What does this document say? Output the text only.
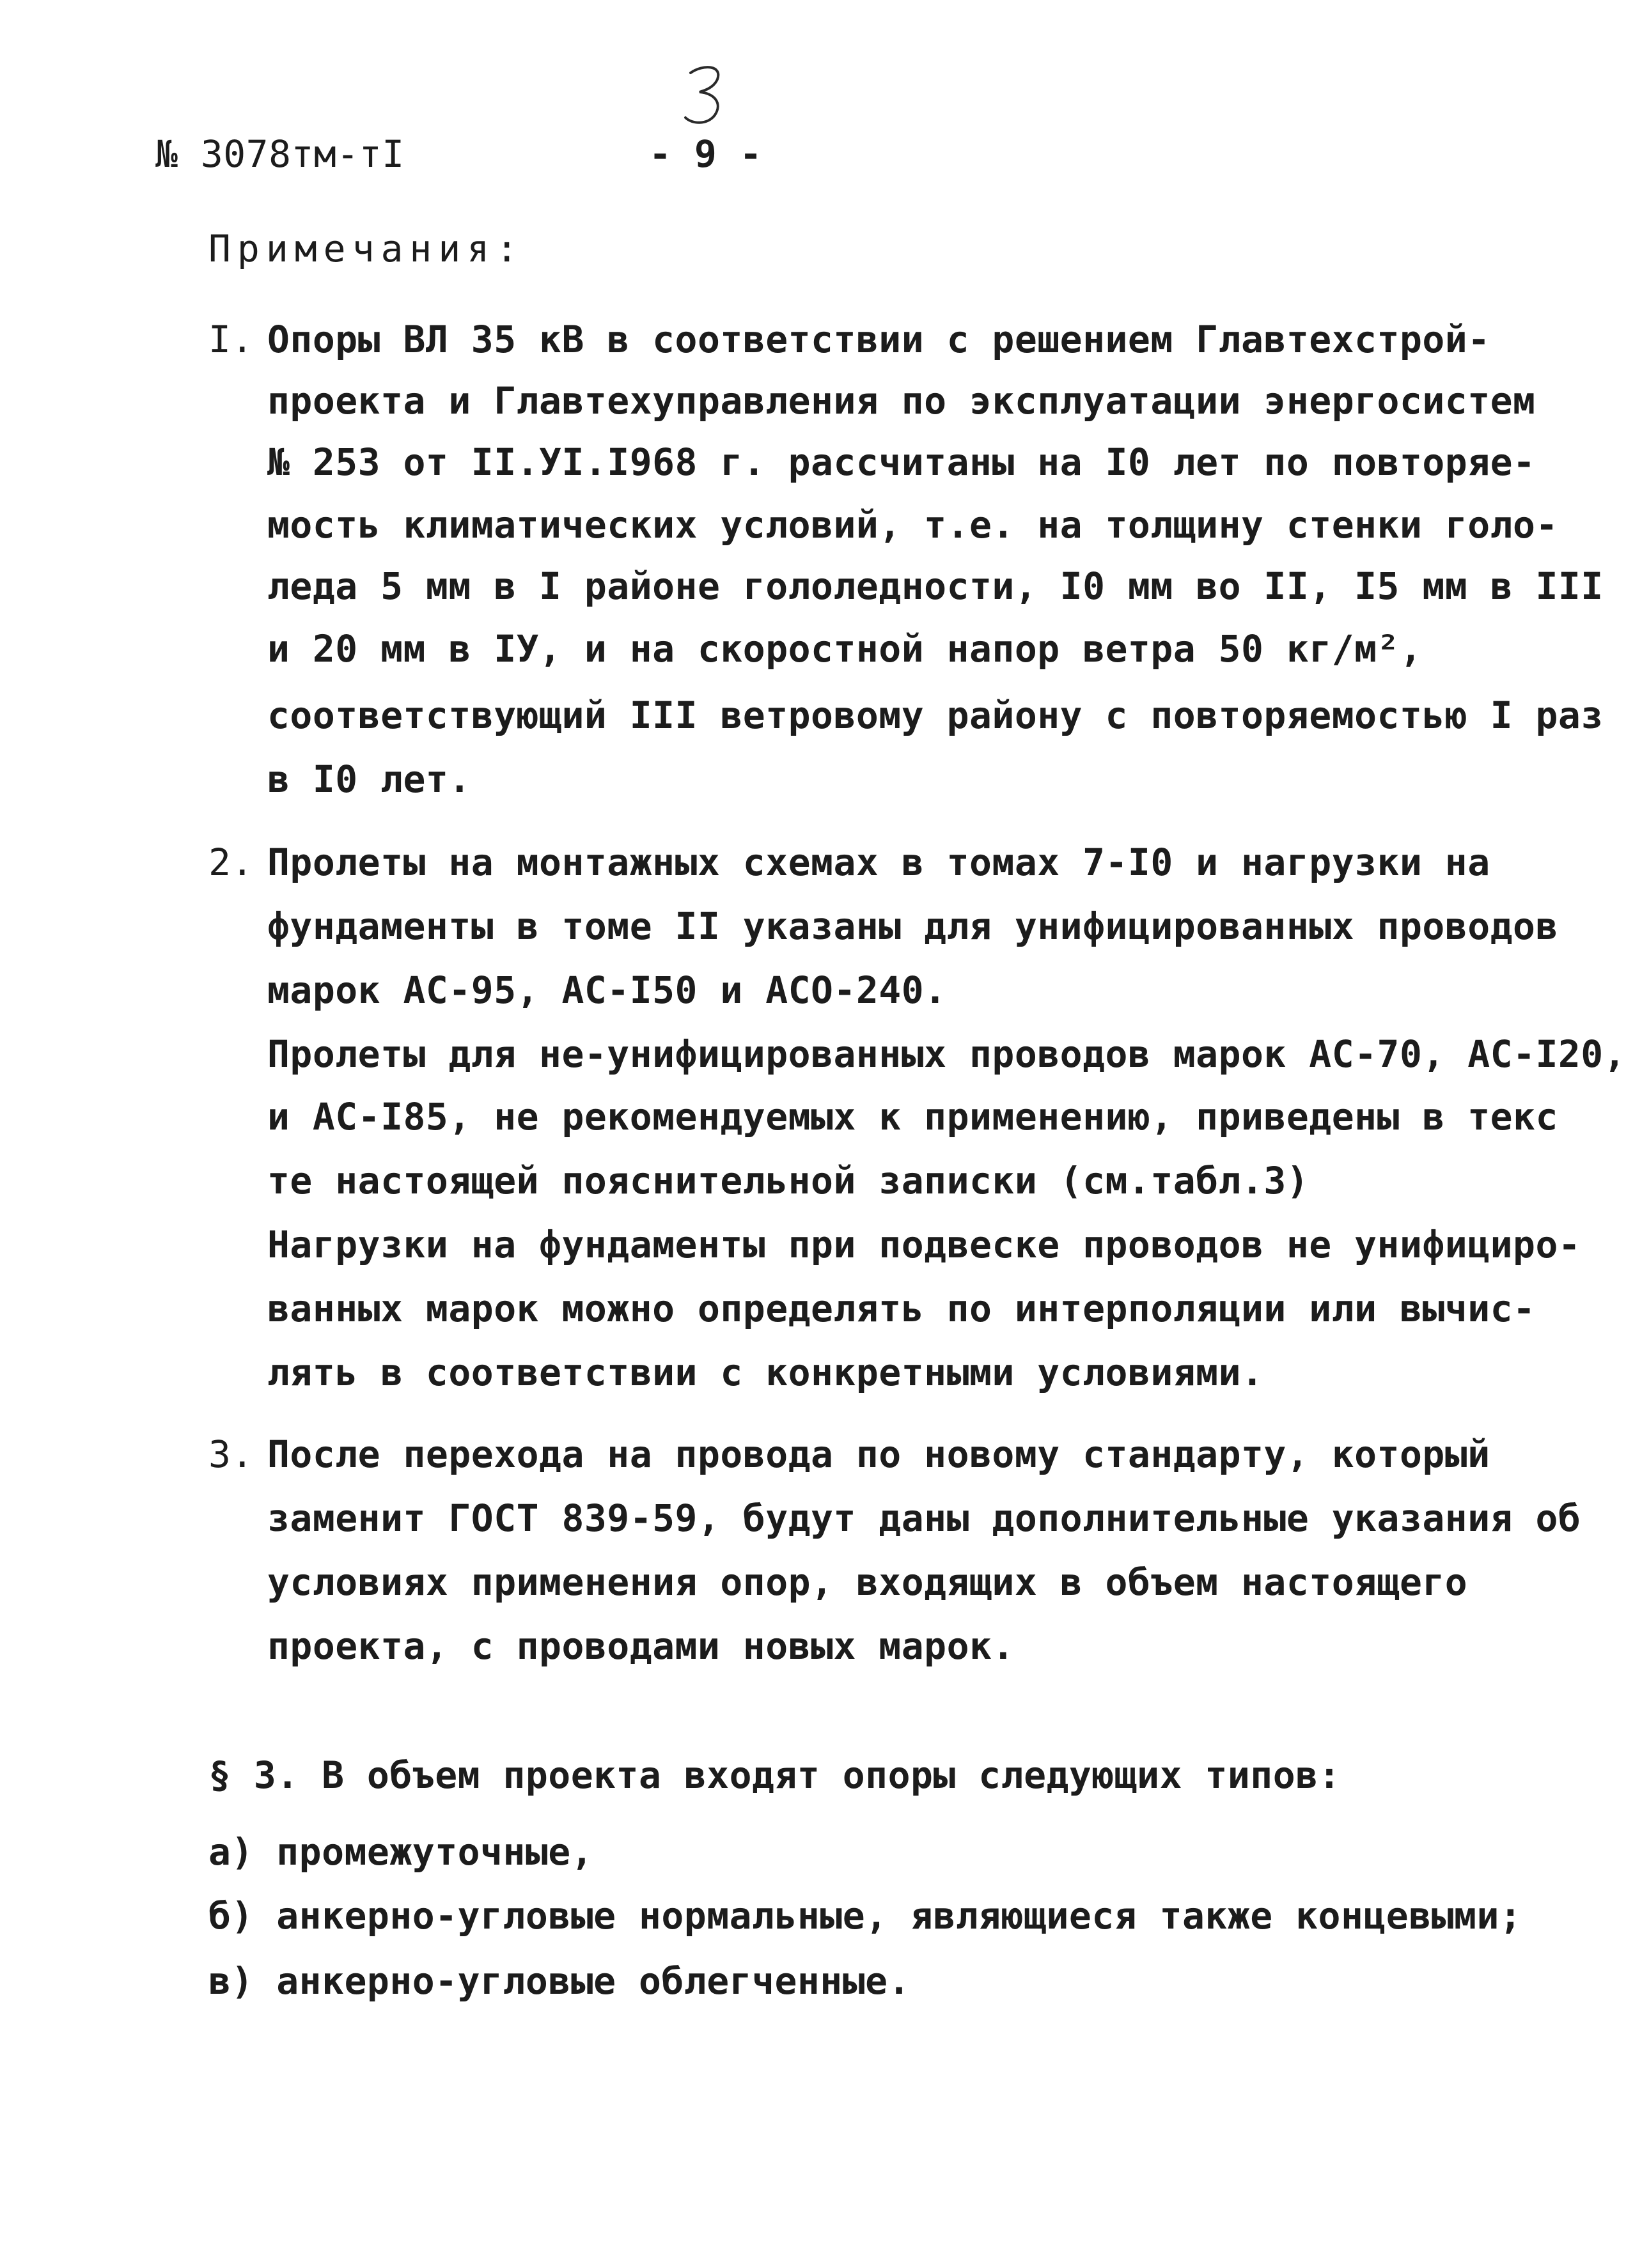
№ 3078тм-тI	- 9 -
Примечания:
I. Опоры ВЛ 35 кВ в соответствии с решением Главтехстрой-
проекта и Главтехуправления по эксплуатации энергосистем
№ 253 от II.УI.I968 г. рассчитаны на I0 лет по повторяе-
мость климатических условий, т.е. на толщину стенки голо-
леда 5 мм в I районе гололедности, I0 мм во II, I5 мм в III
и 20 мм в IУ, и на скоростной напор ветра 50 кг/м²,
соответствующий III ветровому району с повторяемостью I раз
в I0 лет.
2. Пролеты на монтажных схемах в томах 7-I0 и нагрузки на
фундаменты в томе II указаны для унифицированных проводов
марок АС-95, АС-I50 и АСО-240.
Пролеты для не-унифицированных проводов марок АС-70, АС-I20,
и АС-I85, не рекомендуемых к применению, приведены в текс
те настоящей пояснительной записки (см.табл.3)
Нагрузки на фундаменты при подвеске проводов не унифициро-
ванных марок можно определять по интерполяции или вычис-
лять в соответствии с конкретными условиями.
3. После перехода на провода по новому стандарту, который
заменит ГОСТ 839-59, будут даны дополнительные указания об
условиях применения опор, входящих в объем настоящего
проекта, с проводами новых марок.
§ 3. В объем проекта входят опоры следующих типов:
а) промежуточные,
б) анкерно-угловые нормальные, являющиеся также концевыми;
в) анкерно-угловые облегченные.
